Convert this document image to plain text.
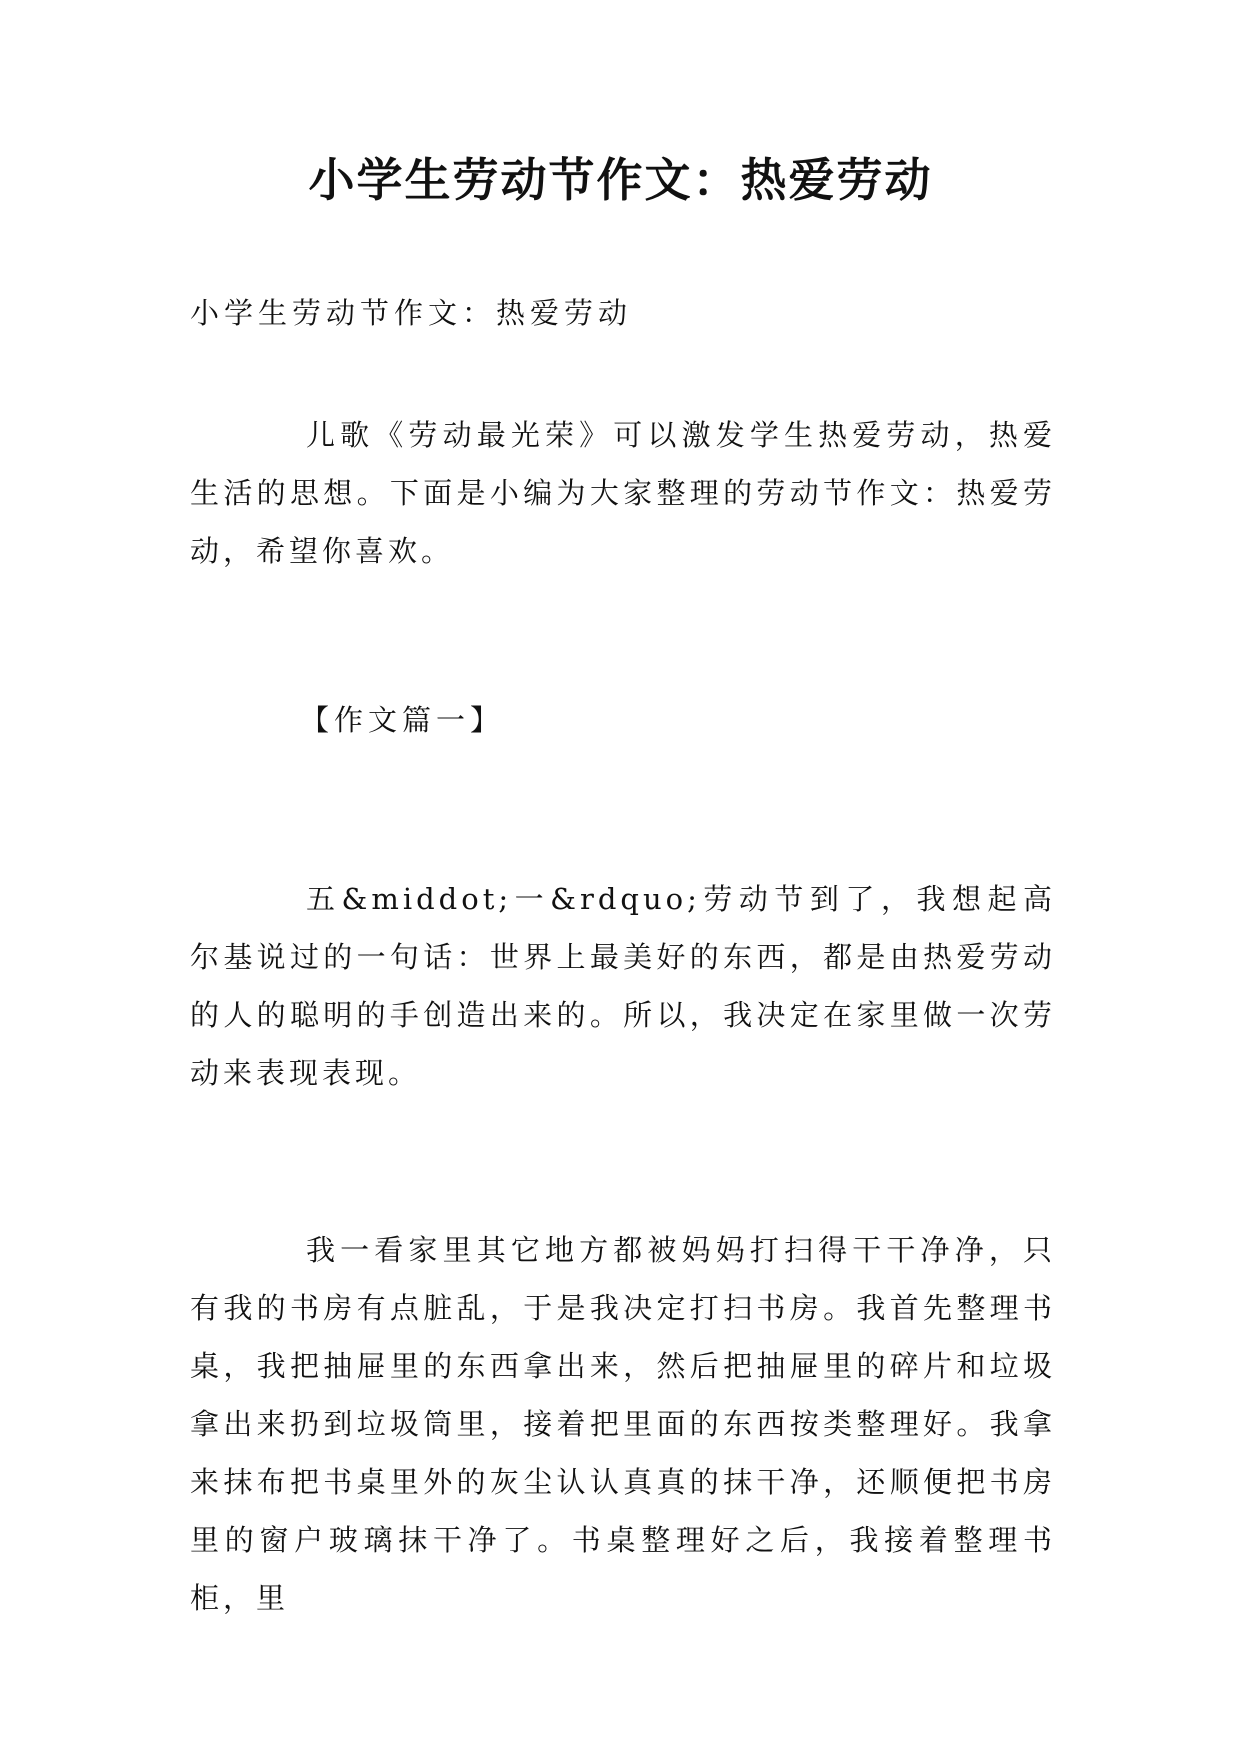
小学生劳动节作文：热爱劳动

小学生劳动节作文：热爱劳动

儿歌《劳动最光荣》可以激发学生热爱劳动，热爱生活的思想。下面是小编为大家整理的劳动节作文：热爱劳动，希望你喜欢。

【作文篇一】

五&middot;一&rdquo;劳动节到了，我想起高尔基说过的一句话：世界上最美好的东西，都是由热爱劳动的人的聪明的手创造出来的。所以，我决定在家里做一次劳动来表现表现。

我一看家里其它地方都被妈妈打扫得干干净净，只有我的书房有点脏乱，于是我决定打扫书房。我首先整理书桌，我把抽屉里的东西拿出来，然后把抽屉里的碎片和垃圾拿出来扔到垃圾筒里，接着把里面的东西按类整理好。我拿来抹布把书桌里外的灰尘认认真真的抹干净，还顺便把书房里的窗户玻璃抹干净了。书桌整理好之后，我接着整理书柜，里
